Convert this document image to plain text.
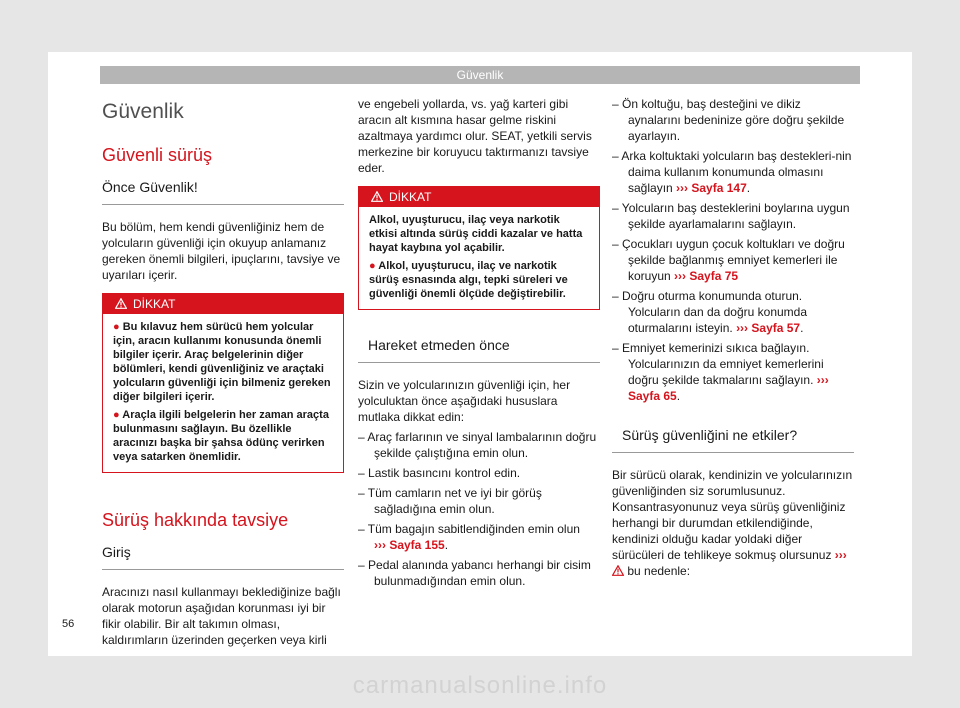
Güvenlik
Güvenlik
Güvenli sürüş
Önce Güvenlik!

Bu bölüm, hem kendi güvenliğiniz hem de yolcuların güvenliği için okuyup anlamanız gereken önemli bilgileri, ipuçlarını, tavsiye ve uyarıları içerir.

DİKKAT
● Bu kılavuz hem sürücü hem yolcular için, aracın kullanımı konusunda önemli bilgiler içerir. Araç belgelerinin diğer bölümleri, kendi güvenliğiniz ve araçtaki yolcuların güvenliği için bilmeniz gereken diğer bilgileri içerir.
● Araçla ilgili belgelerin her zaman araçta bulunmasını sağlayın. Bu özellikle aracınızı başka bir şahsa ödünç verirken veya satarken önemlidir.
Sürüş hakkında tavsiye
Giriş

Aracınızı nasıl kullanmayı beklediğinize bağlı olarak motorun aşağıdan korunması iyi bir fikir olabilir. Bir alt takımın olması, kaldırımların üzerinden geçerken veya kirli

ve engebeli yollarda, vs. yağ karteri gibi aracın alt kısmına hasar gelme riskini azaltmaya yardımcı olur. SEAT, yetkili servis merkezine bir koruyucu taktırmanızı tavsiye eder.

DİKKAT
Alkol, uyuşturucu, ilaç veya narkotik etkisi altında sürüş ciddi kazalar ve hatta hayat kaybına yol açabilir.
● Alkol, uyuşturucu, ilaç ve narkotik sürüş esnasında algı, tepki süreleri ve güvenliği önemli ölçüde değiştirebilir.
Hareket etmeden önce

Sizin ve yolcularınızın güvenliği için, her yolculuktan önce aşağıdaki hususlara mutlaka dikkat edin:

– Araç farlarının ve sinyal lambalarının doğru şekilde çalıştığına emin olun.
– Lastik basıncını kontrol edin.
– Tüm camların net ve iyi bir görüş sağladığına emin olun.
– Tüm bagajın sabitlendiğinden emin olun
››› Sayfa 155.
– Pedal alanında yabancı herhangi bir cisim bulunmadığından emin olun.
– Ön koltuğu, baş desteğini ve dikiz aynalarını bedeninize göre doğru şekilde ayarlayın.
– Arka koltuktaki yolcuların baş destekleri-nin daima kullanım konumunda olmasını sağlayın ››› Sayfa 147.
– Yolcuların baş desteklerini boylarına uygun şekilde ayarlamalarını sağlayın.
– Çocukları uygun çocuk koltukları ve doğru şekilde bağlanmış emniyet kemerleri ile koruyun ››› Sayfa 75
– Doğru oturma konumunda oturun. Yolcuların dan da doğru konumda oturmalarını isteyin. ››› Sayfa 57.
– Emniyet kemerinizi sıkıca bağlayın. Yolcularınızın da emniyet kemerlerini doğru şekilde takmalarını sağlayın. ››› Sayfa 65.
Sürüş güvenliğini ne etkiler?

Bir sürücü olarak, kendinizin ve yolcularınızın güvenliğinden siz sorumlusunuz. Konsantrasyonunuz veya sürüş güvenliğiniz herhangi bir durumdan etkilendiğinde, kendinizi olduğu kadar yoldaki diğer sürücüleri de tehlikeye sokmuş olursunuz ›››  bu nedenle:

56
carmanualsonline.info
